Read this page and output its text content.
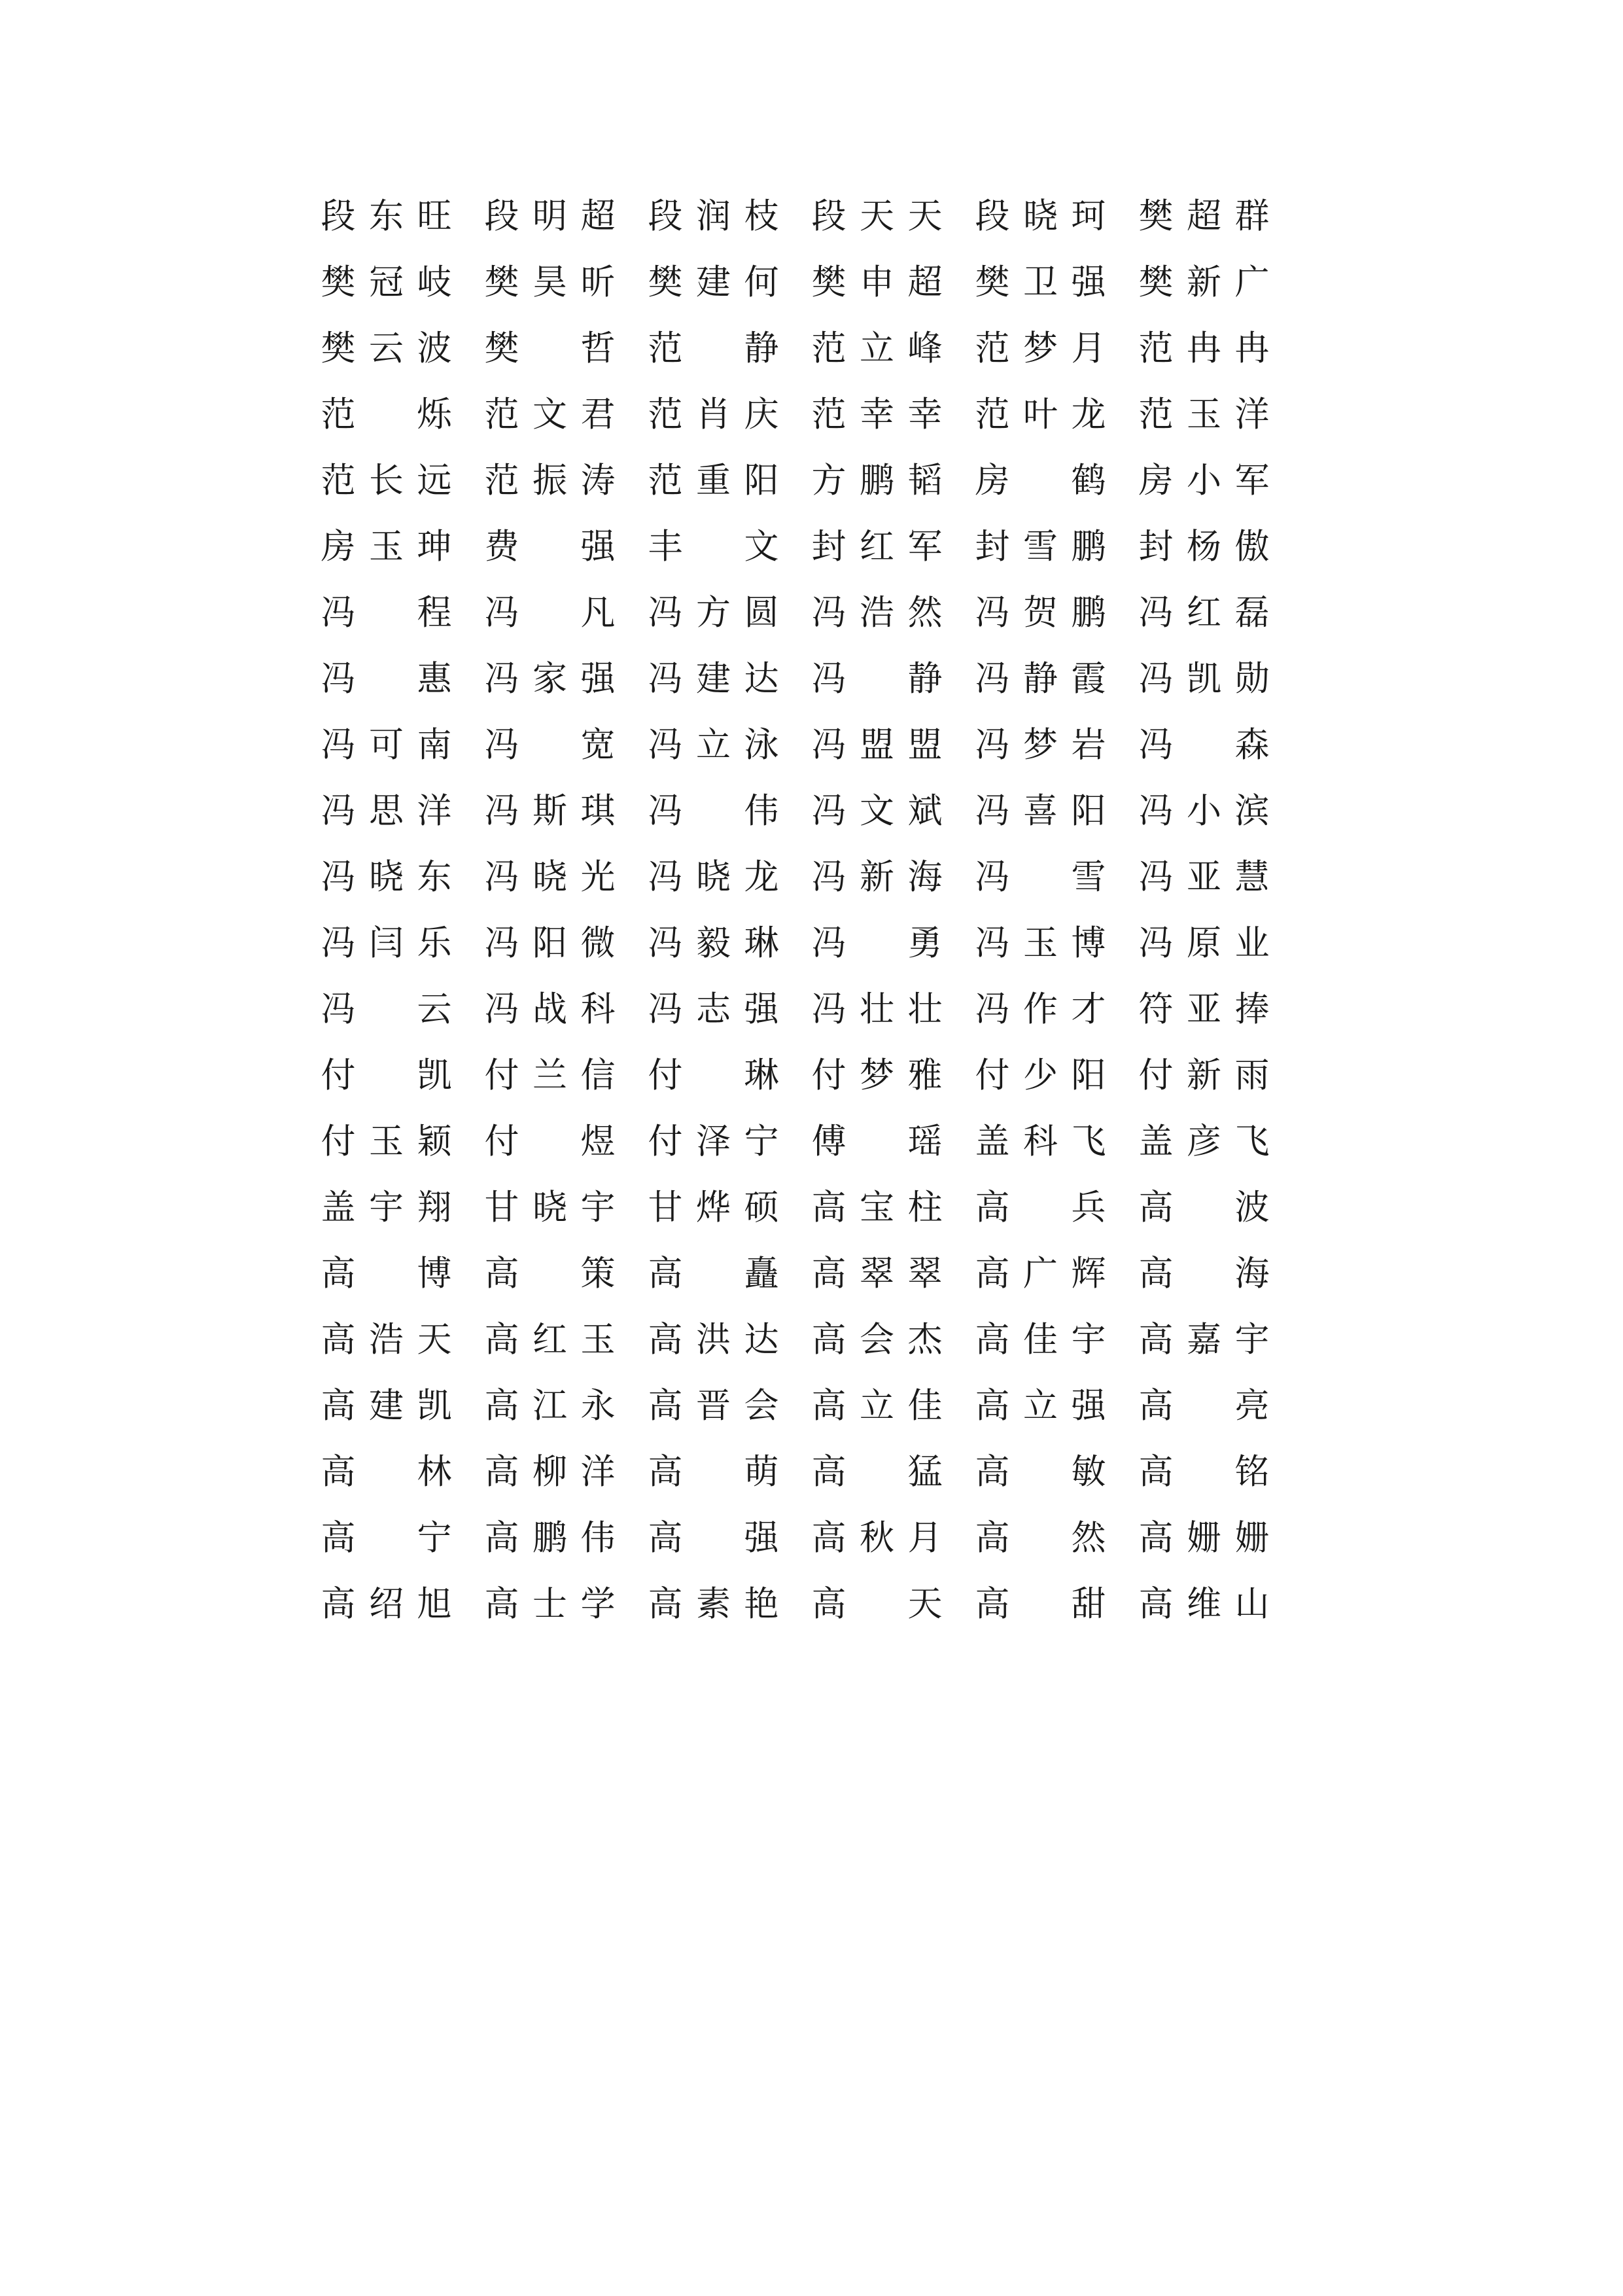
段东旺 段明超 段润枝 段天天 段晓珂 樊超群
樊冠岐 樊昊昕 樊建何 樊申超 樊卫强 樊新广
樊云波 樊哲 范静 范立峰 范梦月 范冉冉
范烁 范文君 范肖庆 范幸幸 范叶龙 范玉洋
范长远 范振涛 范重阳 方鹏韬 房鹤 房小军
房玉珅 费强 丰文 封红军 封雪鹏 封杨傲
冯程 冯凡 冯方圆 冯浩然 冯贺鹏 冯红磊
冯惠 冯家强 冯建达 冯静 冯静霞 冯凯勋
冯可南 冯宽 冯立泳 冯盟盟 冯梦岩 冯森
冯思洋 冯斯琪 冯伟 冯文斌 冯喜阳 冯小滨
冯晓东 冯晓光 冯晓龙 冯新海 冯雪 冯亚慧
冯闫乐 冯阳微 冯毅琳 冯勇 冯玉博 冯原业
冯云 冯战科 冯志强 冯壮壮 冯作才 符亚捧
付凯 付兰信 付琳 付梦雅 付少阳 付新雨
付玉颖 付煜 付泽宁 傅瑶 盖科飞 盖彦飞
盖宇翔 甘晓宇 甘烨硕 高宝柱 高兵 高波
高博 高策 高矗 高翠翠 高广辉 高海
高浩天 高红玉 高洪达 高会杰 高佳宇 高嘉宇
高建凯 高江永 高晋会 高立佳 高立强 高亮
高林 高柳洋 高萌 高猛 高敏 高铭
高宁 高鹏伟 高强 高秋月 高然 高姗姗
高绍旭 高士学 高素艳 高天 高甜 高维山
